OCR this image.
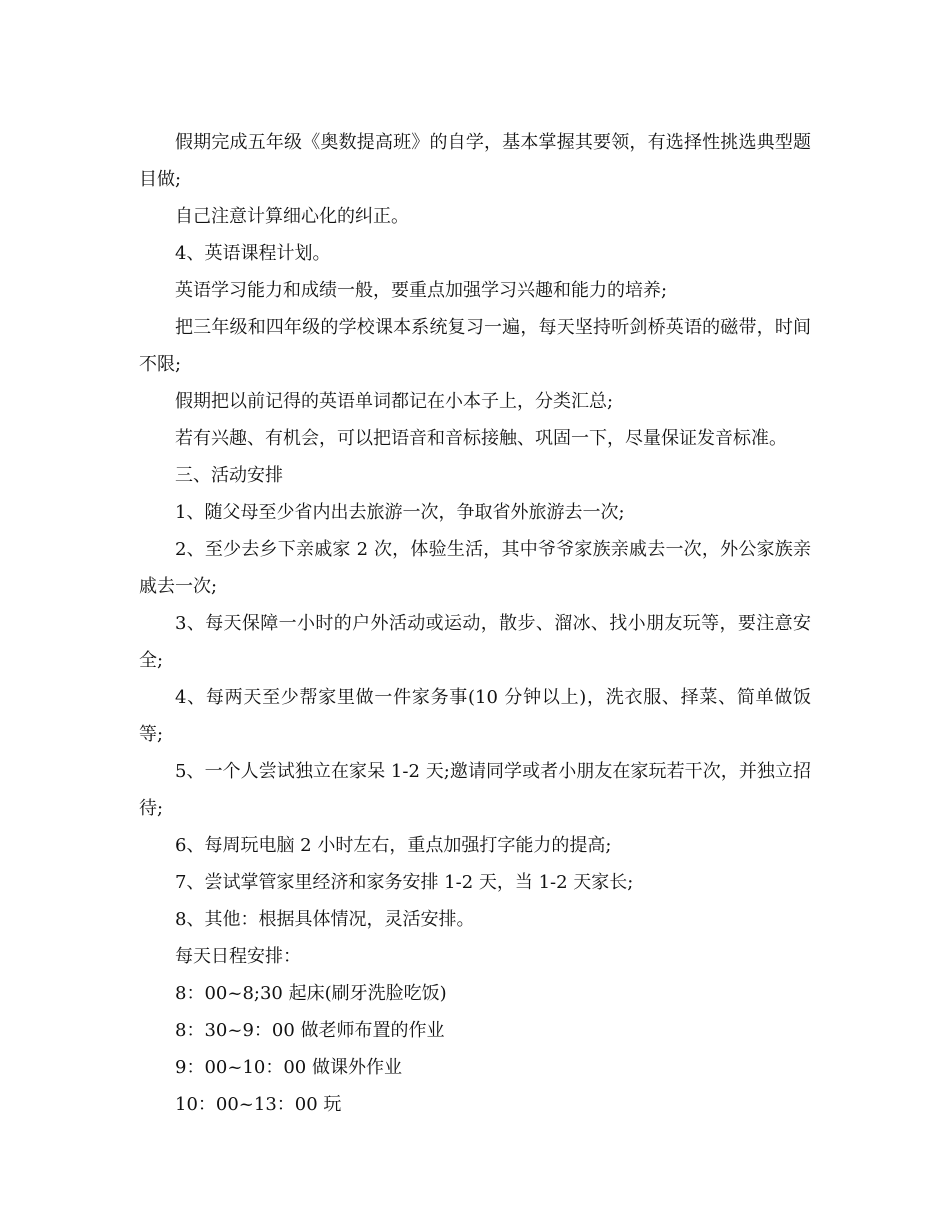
假期完成五年级《奥数提高班》的自学，基本掌握其要领，有选择性挑选典型题目做;

自己注意计算细心化的纠正。

4、英语课程计划。

英语学习能力和成绩一般，要重点加强学习兴趣和能力的培养;

把三年级和四年级的学校课本系统复习一遍，每天坚持听剑桥英语的磁带，时间不限;

假期把以前记得的英语单词都记在小本子上，分类汇总;

若有兴趣、有机会，可以把语音和音标接触、巩固一下，尽量保证发音标准。

三、活动安排

1、随父母至少省内出去旅游一次，争取省外旅游去一次;

2、至少去乡下亲戚家 2 次，体验生活，其中爷爷家族亲戚去一次，外公家族亲戚去一次;

3、每天保障一小时的户外活动或运动，散步、溜冰、找小朋友玩等，要注意安全;

4、每两天至少帮家里做一件家务事(10 分钟以上)，洗衣服、择菜、简单做饭等;

5、一个人尝试独立在家呆 1-2 天;邀请同学或者小朋友在家玩若干次，并独立招待;

6、每周玩电脑 2 小时左右，重点加强打字能力的提高;

7、尝试掌管家里经济和家务安排 1-2 天，当 1-2 天家长;

8、其他：根据具体情况，灵活安排。

每天日程安排：

8：00~8;30 起床(刷牙洗脸吃饭)

8：30~9：00 做老师布置的作业

9：00~10：00 做课外作业

10：00~13：00 玩
